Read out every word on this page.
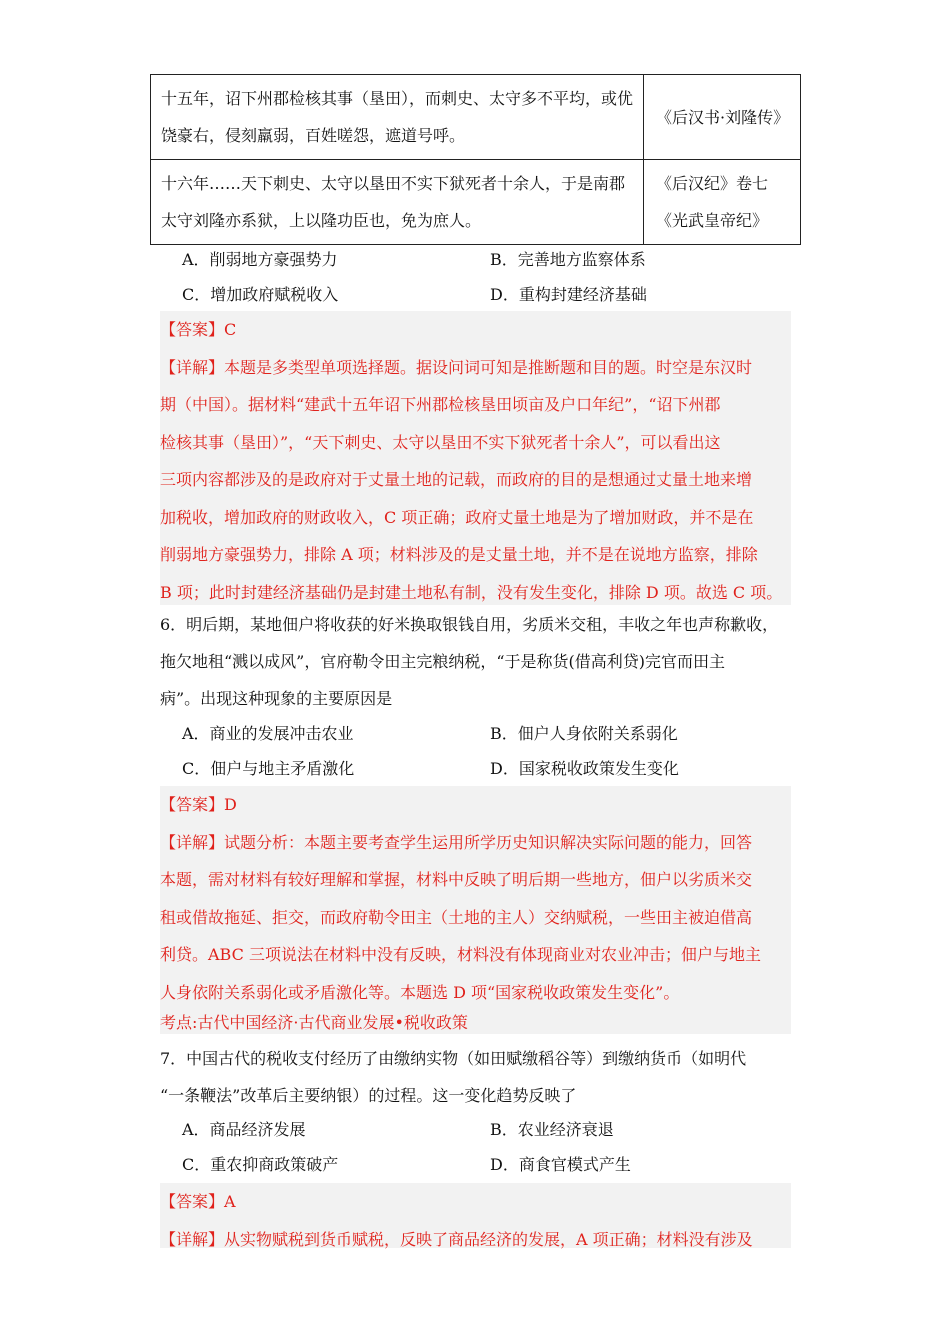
十五年，诏下州郡检核其事（垦田），而刺史、太守多不平均，或优饶豪右，侵刻羸弱，百姓嗟怨，遮道号呼。	《后汉书·刘隆传》
十六年……天下刺史、太守以垦田不实下狱死者十余人，于是南郡太守刘隆亦系狱，上以隆功臣也，免为庶人。	《后汉纪》卷七
《光武皇帝纪》
A．削弱地方豪强势力	B．完善地方监察体系
C．增加政府赋税收入	D．重构封建经济基础

【答案】C

【详解】本题是多类型单项选择题。据设问词可知是推断题和目的题。时空是东汉时

期（中国）。据材料“建武十五年诏下州郡检核垦田顷亩及户口年纪”，“诏下州郡

检核其事（垦田）”，“天下刺史、太守以垦田不实下狱死者十余人”，可以看出这

三项内容都涉及的是政府对于丈量土地的记载，而政府的目的是想通过丈量土地来增

加税收，增加政府的财政收入，C 项正确；政府丈量土地是为了增加财政，并不是在

削弱地方豪强势力，排除 A 项；材料涉及的是丈量土地，并不是在说地方监察，排除

B 项；此时封建经济基础仍是封建土地私有制，没有发生变化，排除 D 项。故选 C 项。

6．明后期，某地佃户将收获的好米换取银钱自用，劣质米交租，丰收之年也声称歉收，

拖欠地租“溅以成风”，官府勒令田主完粮纳税，“于是称货(借高利贷)完官而田主

病”。出现这种现象的主要原因是

A．商业的发展冲击农业	B．佃户人身依附关系弱化
C．佃户与地主矛盾激化	D．国家税收政策发生变化

【答案】D

【详解】试题分析：本题主要考查学生运用所学历史知识解决实际问题的能力，回答

本题，需对材料有较好理解和掌握，材料中反映了明后期一些地方，佃户以劣质米交

租或借故拖延、拒交，而政府勒令田主（土地的主人）交纳赋税，一些田主被迫借高

利贷。ABC 三项说法在材料中没有反映，材料没有体现商业对农业冲击；佃户与地主

人身依附关系弱化或矛盾激化等。本题选 D 项“国家税收政策发生变化”。

考点:古代中国经济·古代商业发展•税收政策

7．中国古代的税收支付经历了由缴纳实物（如田赋缴稻谷等）到缴纳货币（如明代

“一条鞭法”改革后主要纳银）的过程。这一变化趋势反映了

A．商品经济发展	B．农业经济衰退
C．重农抑商政策破产	D．商食官模式产生

【答案】A

【详解】从实物赋税到货币赋税，反映了商品经济的发展，A 项正确；材料没有涉及
